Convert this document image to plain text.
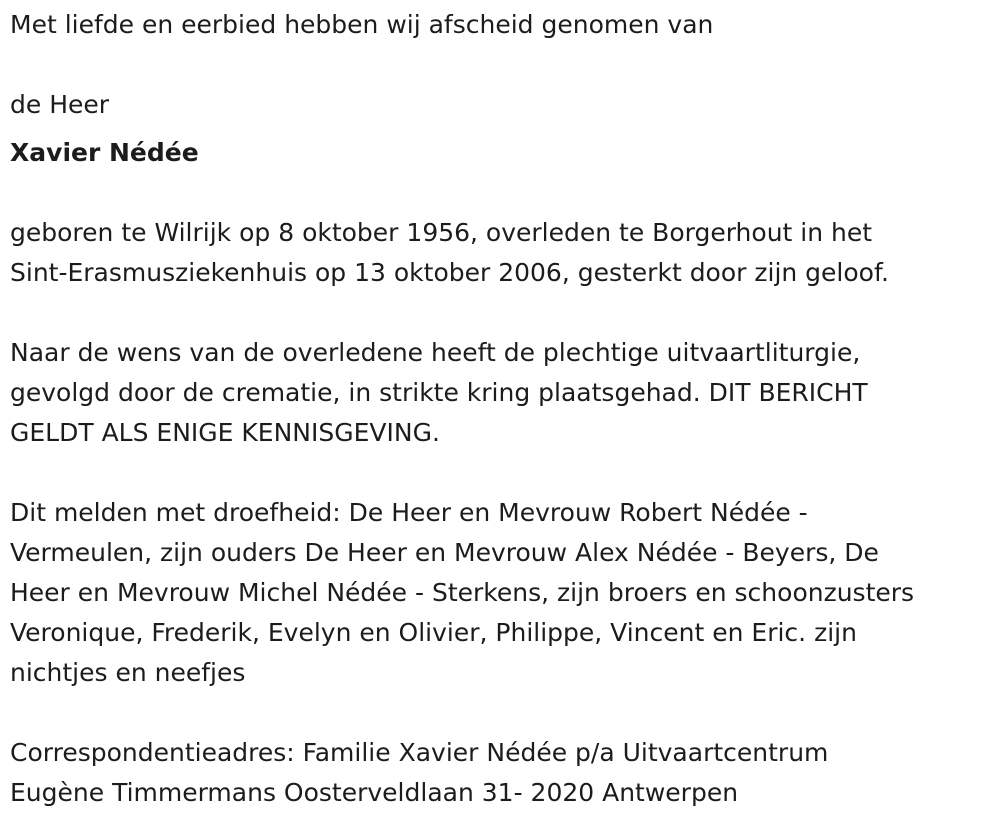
Met liefde en eerbied hebben wij afscheid genomen van

de Heer

Xavier Nédée

geboren te Wilrijk op 8 oktober 1956, overleden te Borgerhout in het
Sint-Erasmusziekenhuis op 13 oktober 2006, gesterkt door zijn geloof.

Naar de wens van de overledene heeft de plechtige uitvaartliturgie,
gevolgd door de crematie, in strikte kring plaatsgehad. DIT BERICHT
GELDT ALS ENIGE KENNISGEVING.

Dit melden met droefheid: De Heer en Mevrouw Robert Nédée -
Vermeulen, zijn ouders De Heer en Mevrouw Alex Nédée - Beyers, De
Heer en Mevrouw Michel Nédée - Sterkens, zijn broers en schoonzusters
Veronique, Frederik, Evelyn en Olivier, Philippe, Vincent en Eric. zijn
nichtjes en neefjes

Correspondentieadres: Familie Xavier Nédée p/a Uitvaartcentrum
Eugène Timmermans Oosterveldlaan 31- 2020 Antwerpen
